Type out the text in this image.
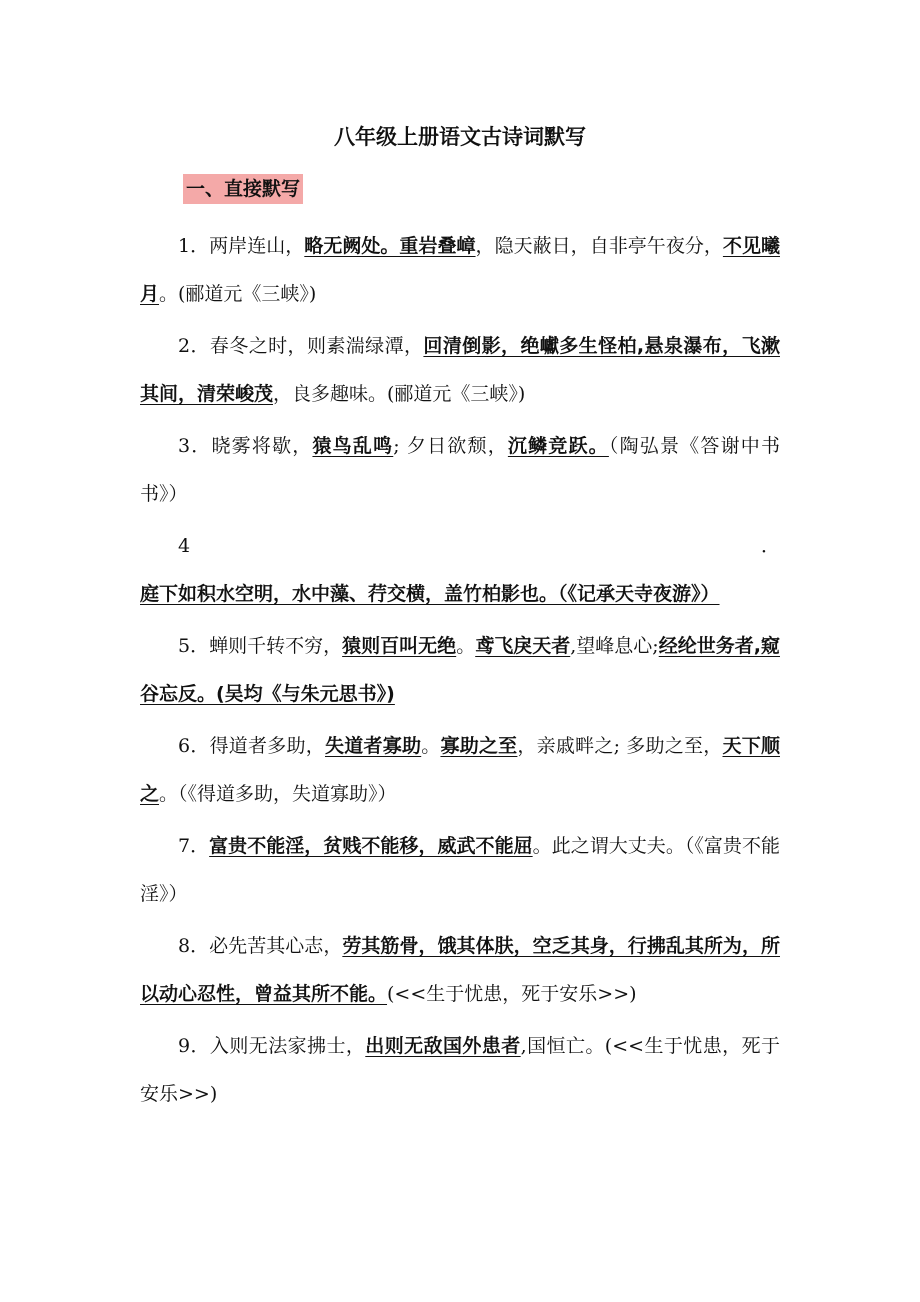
八年级上册语文古诗词默写
一、直接默写

1．两岸连山，略无阙处。重岩叠嶂，隐天蔽日，自非亭午夜分，不见曦月。(郦道元《三峡》)

2．春冬之时，则素湍绿潭，回清倒影，绝巘多生怪柏,悬泉瀑布，飞漱其间，清荣峻茂，良多趣味。(郦道元《三峡》)

3．晓雾将歇，猿鸟乱鸣; 夕日欲颓，沉鳞竞跃。（陶弘景《答谢中书书》）

4．庭下如积水空明，水中藻、荇交横，盖竹柏影也。（《记承天寺夜游》）

5．蝉则千转不穷，猿则百叫无绝。鸢飞戾天者,望峰息心;经纶世务者,窥谷忘反。(吴均《与朱元思书》)

6．得道者多助，失道者寡助。寡助之至，亲戚畔之; 多助之至，天下顺之。（《得道多助，失道寡助》）

7．富贵不能淫，贫贱不能移，威武不能屈。此之谓大丈夫。（《富贵不能淫》）

8．必先苦其心志，劳其筋骨，饿其体肤，空乏其身，行拂乱其所为，所以动心忍性，曾益其所不能。(<<生于忧患，死于安乐>>)

9．入则无法家拂士，出则无敌国外患者,国恒亡。(<<生于忧患，死于安乐>>)
